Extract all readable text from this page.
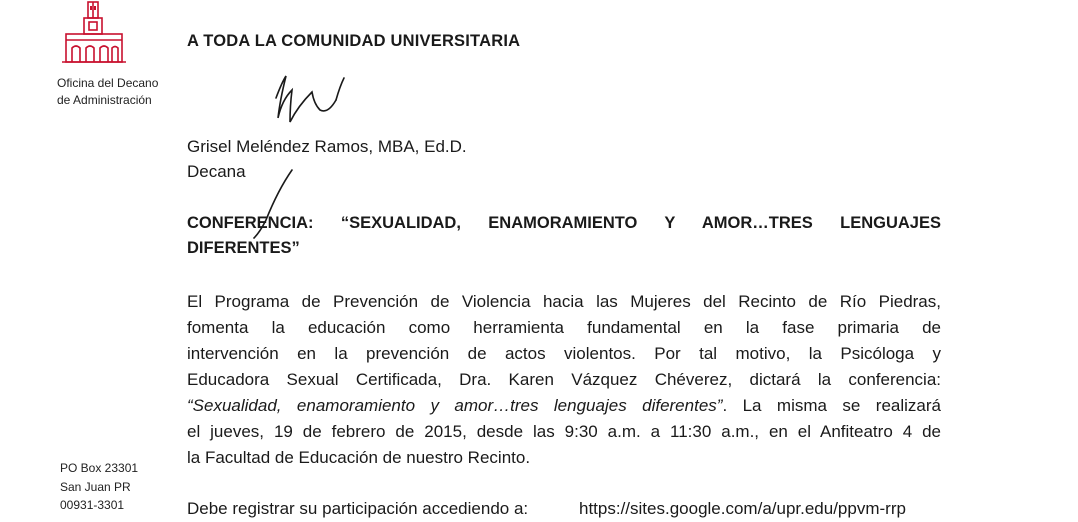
Oficina del Decano
de Administración
A TODA LA COMUNIDAD UNIVERSITARIA
Grisel Meléndez Ramos, MBA, Ed.D.
Decana
CONFERENCIA: “SEXUALIDAD, ENAMORAMIENTO Y AMOR…TRES LENGUAJES
DIFERENTES”
El Programa de Prevención de Violencia hacia las Mujeres del Recinto de Río Piedras,
fomenta la educación como herramienta fundamental en la fase primaria de
intervención en la prevención de actos violentos. Por tal motivo, la Psicóloga y
Educadora Sexual Certificada, Dra. Karen Vázquez Chéverez, dictará la conferencia:
“Sexualidad, enamoramiento y amor…tres lenguajes diferentes”. La misma se realizará
el jueves, 19 de febrero de 2015, desde las 9:30 a.m. a 11:30 a.m., en el Anfiteatro 4 de
la Facultad de Educación de nuestro Recinto.
PO Box 23301
San Juan PR
00931-3301	Debe registrar su participación accediendo a:	https://sites.google.com/a/upr.edu/ppvm-rrp
